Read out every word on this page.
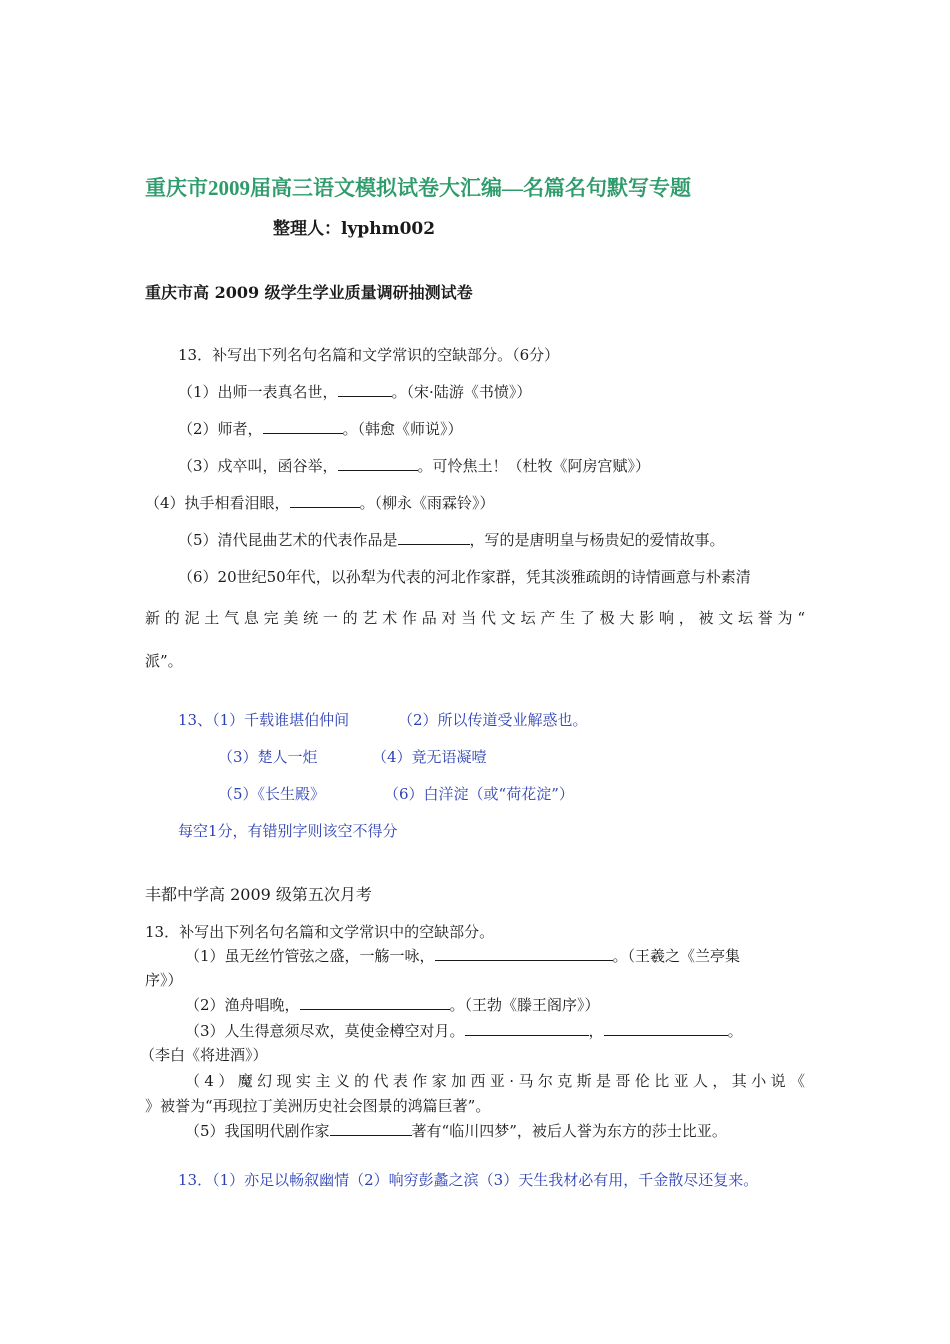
重庆市2009届高三语文模拟试卷大汇编—名篇名句默写专题
整理人：lyphm002
重庆市高 2009 级学生学业质量调研抽测试卷
13．补写出下列名句名篇和文学常识的空缺部分。（6分）
（1）出师一表真名世，	。（宋·陆游《书愤》）
（2）师者，	。（韩愈《师说》）
（3）戍卒叫，函谷举，	。可怜焦土！（杜牧《阿房宫赋》）
（4）执手相看泪眼，	。（柳永《雨霖铃》）
（5）清代昆曲艺术的代表作品是	，写的是唐明皇与杨贵妃的爱情故事。
（6）20世纪50年代，以孙犁为代表的河北作家群，凭其淡雅疏朗的诗情画意与朴素清
新的泥土气息完美统一的艺术作品对当代文坛产生了极大影响，被文坛誉为“
派”。
13、（1）千载谁堪伯仲间	（2）所以传道受业解惑也。
（3）楚人一炬	（4）竟无语凝噎
（5）《长生殿》	（6）白洋淀（或“荷花淀”）
每空1分，有错别字则该空不得分
丰都中学高 2009 级第五次月考
13．补写出下列名句名篇和文学常识中的空缺部分。
（1）虽无丝竹管弦之盛，一觞一咏，	。（王羲之《兰亭集
序》）
（2）渔舟唱晚，	。（王勃《滕王阁序》）
（3）人生得意须尽欢，莫使金樽空对月。	，	。
（李白《将进酒》）
（4）魔幻现实主义的代表作家加西亚·马尔克斯是哥伦比亚人，其小说《
》被誉为“再现拉丁美洲历史社会图景的鸿篇巨著”。
（5）我国明代剧作家	著有“临川四梦”，被后人誉为东方的莎士比亚。
13．（1）亦足以畅叙幽情（2）响穷彭蠡之滨（3）天生我材必有用，千金散尽还复来。
